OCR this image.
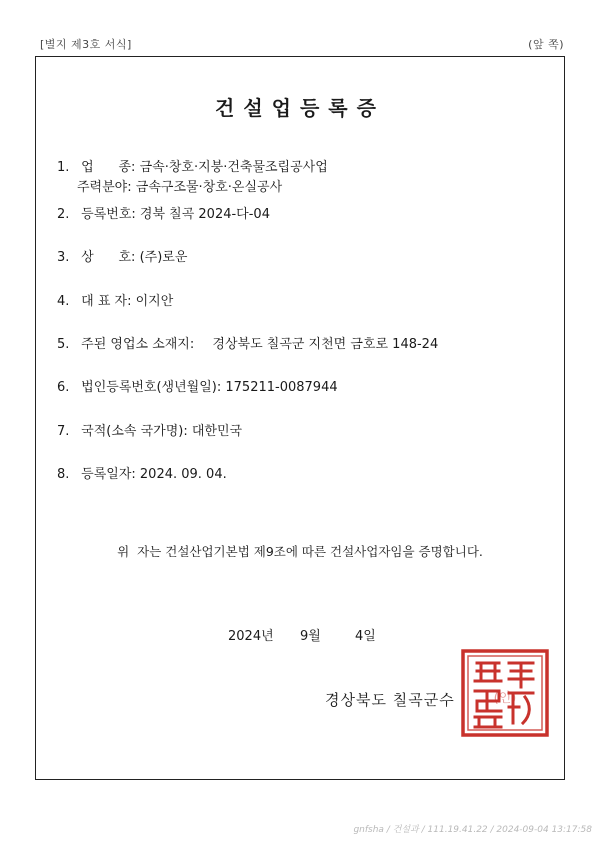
[별지 제3호 서식]	(앞 쪽)
건설업등록증
1. 업      종: 금속·창호·지붕·건축물조립공사업
주력분야: 금속구조물·창호·온실공사
2. 등록번호: 경북 칠곡 2024-다-04
3. 상      호: (주)로운
4. 대 표 자: 이지안
5. 주된 영업소 소재지: 경상북도 칠곡군 지천면 금호로 148-24
6. 법인등록번호(생년월일): 175211-0087944
7. 국적(소속 국가명): 대한민국
8. 등록일자: 2024. 09. 04.
위  자는 건설산업기본법 제9조에 따른 건설사업자임을 증명합니다.
2024년 9월	4일
경상북도 칠곡군수	(인)
gnfsha / 건설과 / 111.19.41.22 / 2024-09-04 13:17:58
